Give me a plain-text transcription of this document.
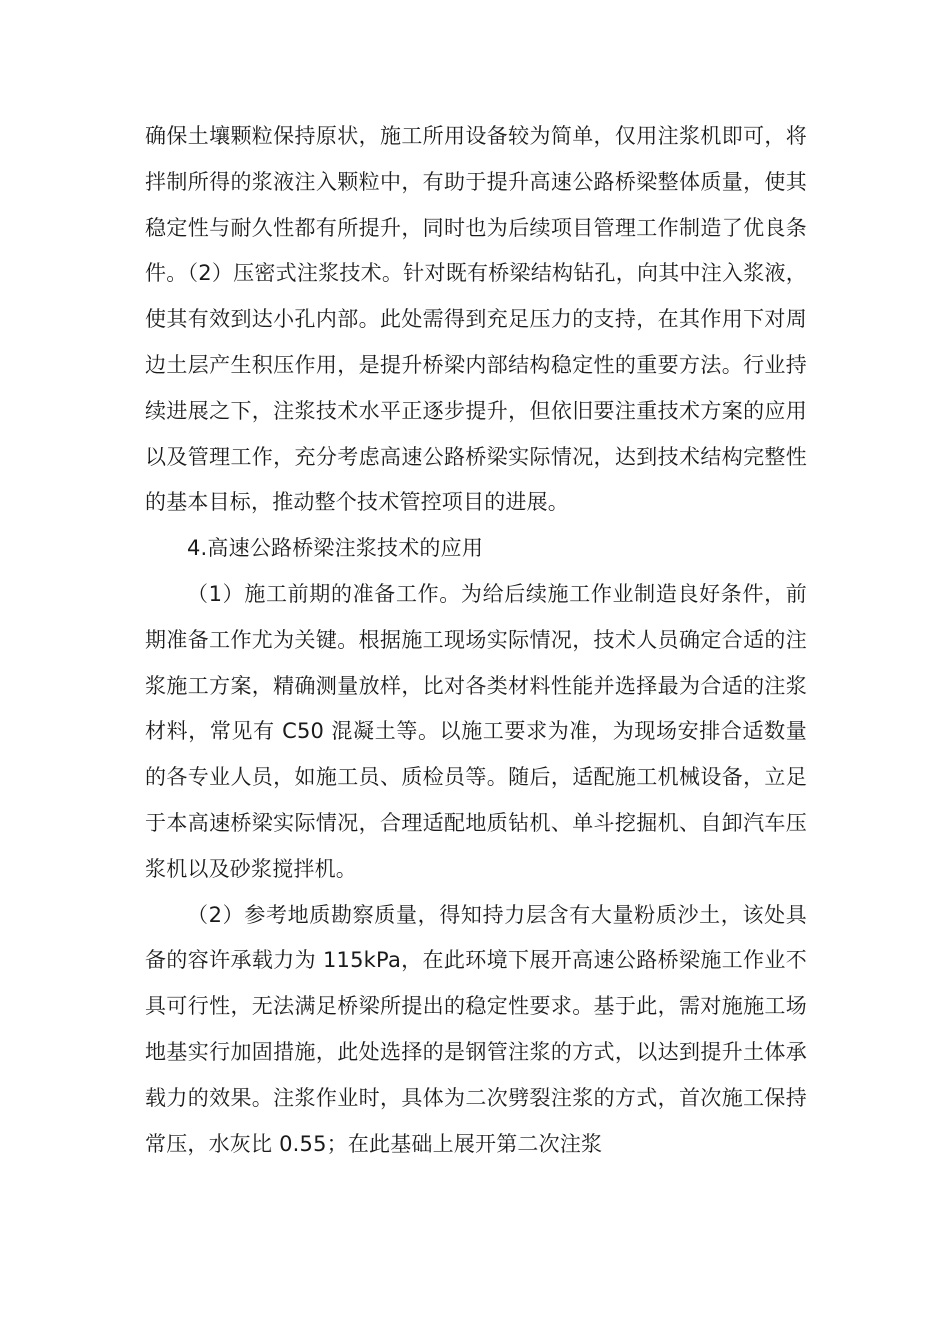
确保土壤颗粒保持原状，施工所用设备较为简单，仅用注浆机即可，将拌制所得的浆液注入颗粒中，有助于提升高速公路桥梁整体质量，使其稳定性与耐久性都有所提升，同时也为后续项目管理工作制造了优良条件。（2）压密式注浆技术。针对既有桥梁结构钻孔，向其中注入浆液，使其有效到达小孔内部。此处需得到充足压力的支持，在其作用下对周边土层产生积压作用，是提升桥梁内部结构稳定性的重要方法。行业持续进展之下，注浆技术水平正逐步提升，但依旧要注重技术方案的应用以及管理工作，充分考虑高速公路桥梁实际情况，达到技术结构完整性的基本目标，推动整个技术管控项目的进展。

4.高速公路桥梁注浆技术的应用

（1）施工前期的准备工作。为给后续施工作业制造良好条件，前期准备工作尤为关键。根据施工现场实际情况，技术人员确定合适的注浆施工方案，精确测量放样，比对各类材料性能并选择最为合适的注浆材料，常见有 C50 混凝土等。以施工要求为准，为现场安排合适数量的各专业人员，如施工员、质检员等。随后，适配施工机械设备，立足于本高速桥梁实际情况，合理适配地质钻机、单斗挖掘机、自卸汽车压浆机以及砂浆搅拌机。

（2）参考地质勘察质量，得知持力层含有大量粉质沙土，该处具备的容许承载力为 115kPa，在此环境下展开高速公路桥梁施工作业不具可行性，无法满足桥梁所提出的稳定性要求。基于此，需对施施工场地基实行加固措施，此处选择的是钢管注浆的方式，以达到提升土体承载力的效果。注浆作业时，具体为二次劈裂注浆的方式，首次施工保持常压，水灰比 0.55；在此基础上展开第二次注浆
